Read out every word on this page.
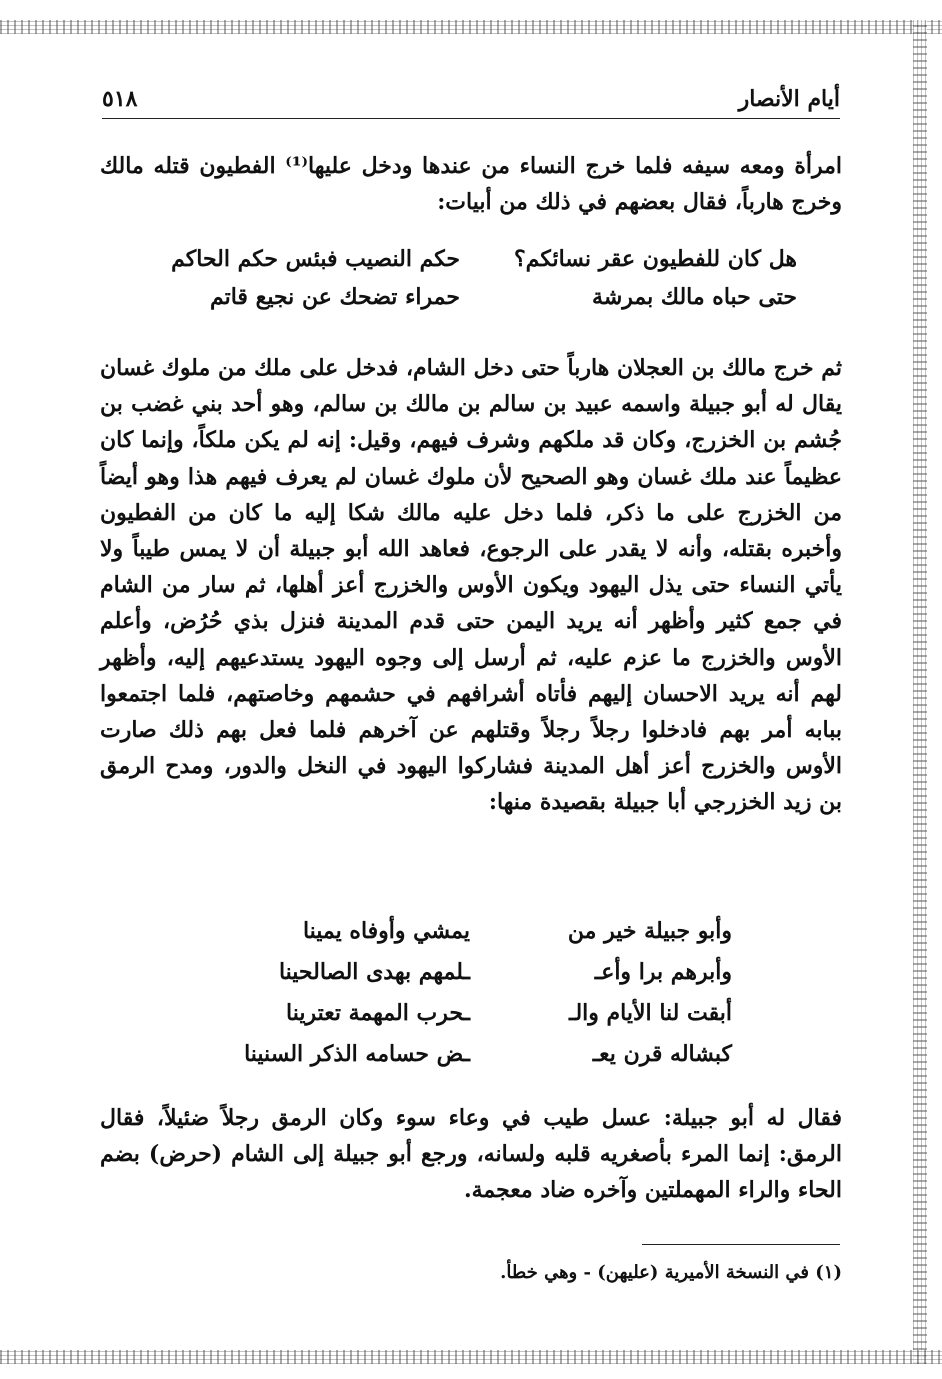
أيام الأنصار
٥١٨

امرأة ومعه سيفه فلما خرج النساء من عندها ودخل عليها⁽¹⁾ الفطيون قتله مالك وخرج هارباً، فقال بعضهم في ذلك من أبيات:

هل كان للفطيون عقر نسائكم؟
حكم النصيب فبئس حكم الحاكم
حتى حباه مالك بمرشة
حمراء تضحك عن نجيع قاتم

ثم خرج مالك بن العجلان هارباً حتى دخل الشام، فدخل على ملك من ملوك غسان يقال له أبو جبيلة واسمه عبيد بن سالم بن مالك بن سالم، وهو أحد بني غضب بن جُشم بن الخزرج، وكان قد ملكهم وشرف فيهم، وقيل: إنه لم يكن ملكاً، وإنما كان عظيماً عند ملك غسان وهو الصحيح لأن ملوك غسان لم يعرف فيهم هذا وهو أيضاً من الخزرج على ما ذكر، فلما دخل عليه مالك شكا إليه ما كان من الفطيون وأخبره بقتله، وأنه لا يقدر على الرجوع، فعاهد الله أبو جبيلة أن لا يمس طيباً ولا يأتي النساء حتى يذل اليهود ويكون الأوس والخزرج أعز أهلها، ثم سار من الشام في جمع كثير وأظهر أنه يريد اليمن حتى قدم المدينة فنزل بذي حُرُض، وأعلم الأوس والخزرج ما عزم عليه، ثم أرسل إلى وجوه اليهود يستدعيهم إليه، وأظهر لهم أنه يريد الاحسان إليهم فأتاه أشرافهم في حشمهم وخاصتهم، فلما اجتمعوا ببابه أمر بهم فادخلوا رجلاً رجلاً وقتلهم عن آخرهم فلما فعل بهم ذلك صارت الأوس والخزرج أعز أهل المدينة فشاركوا اليهود في النخل والدور، ومدح الرمق بن زيد الخزرجي أبا جبيلة بقصيدة منها:

وأبو جبيلة خير من
يمشي وأوفاه يمينا
وأبرهم برا وأعـ
ـلمهم بهدى الصالحينا
أبقت لنا الأيام والـ
ـحرب المهمة تعترينا
كبشاله قرن يعـ
ـض حسامه الذكر السنينا

فقال له أبو جبيلة: عسل طيب في وعاء سوء وكان الرمق رجلاً ضئيلاً، فقال الرمق: إنما المرء بأصغريه قلبه ولسانه، ورجع أبو جبيلة إلى الشام (حرض) بضم الحاء والراء المهملتين وآخره ضاد معجمة.

(١) في النسخة الأميرية (عليهن) - وهي خطأ.
